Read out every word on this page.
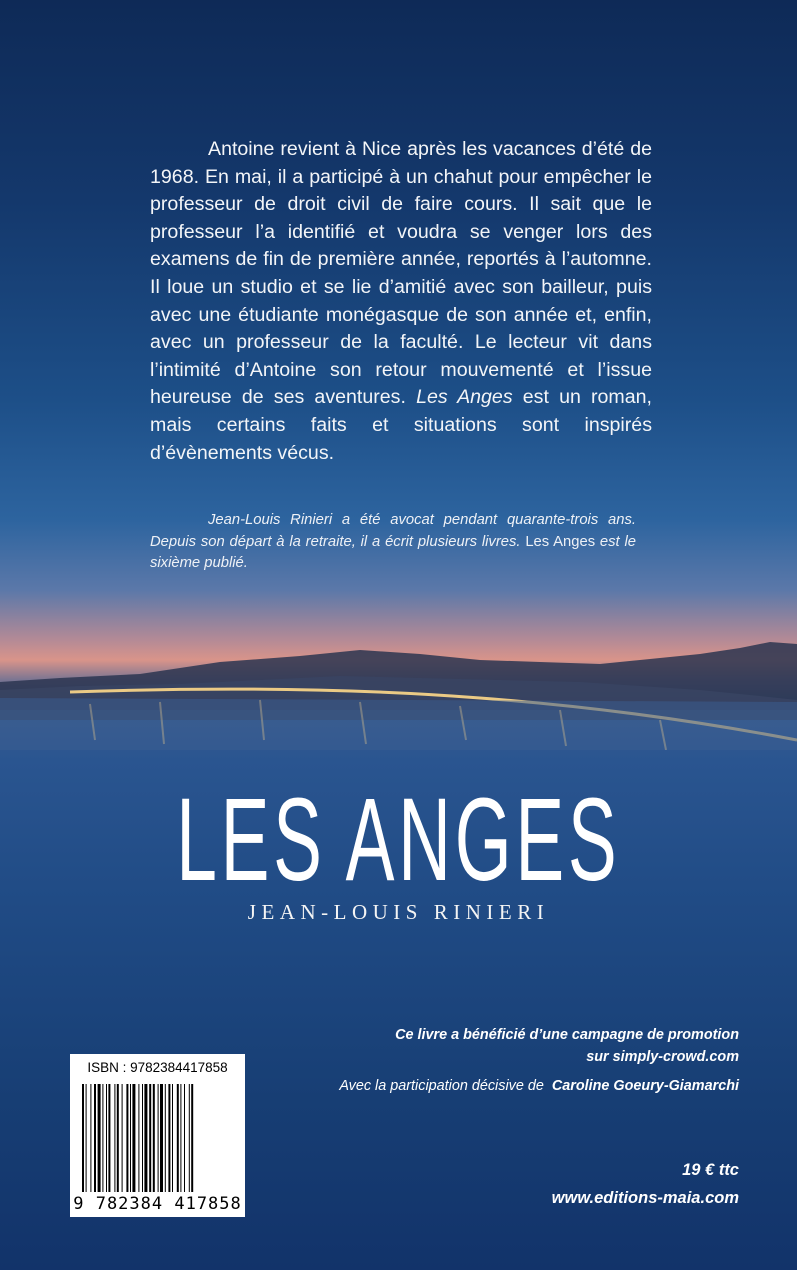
Antoine revient à Nice après les vacances d’été de 1968. En mai, il a participé à un chahut pour empêcher le professeur de droit civil de faire cours. Il sait que le professeur l’a identifié et voudra se venger lors des examens de fin de première année, reportés à l’automne. Il loue un studio et se lie d’amitié avec son bailleur, puis avec une étudiante monégasque de son année et, enfin, avec un professeur de la faculté. Le lecteur vit dans l’intimité d’Antoine son retour mouvementé et l’issue heureuse de ses aventures. Les Anges est un roman, mais certains faits et situations sont inspirés d’évènements vécus.

Jean-Louis Rinieri a été avocat pendant quarante-trois ans. Depuis son départ à la retraite, il a écrit plusieurs livres. Les Anges est le sixième publié.

LES ANGES
JEAN-LOUIS RINIERI
Ce livre a bénéficié d’une campagne de promotion
sur simply-crowd.com
Avec la participation décisive de Caroline Goeury-Giamarchi
19 € ttc
www.editions-maia.com
ISBN : 9782384417858
9 782384 417858
